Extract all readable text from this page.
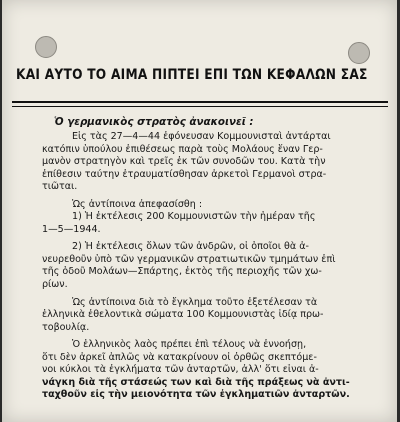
ΚΑΙ ΑΥΤΟ ΤΟ ΑΙΜΑ ΠΙΠΤΕΙ ΕΠΙ ΤΩΝ ΚΕΦΑΛΩΝ ΣΑΣ
Ὁ γερμανικὸς στρατὸς ἀνακοινεῖ :
Εἰς τὰς 27—4—44 ἐφόνευσαν Κομμουνισταὶ ἀντάρται
κατόπιν ὑπούλου ἐπιθέσεως παρὰ τοὺς Μολάους ἕναν Γερ-
μανὸν στρατηγὸν καὶ τρεῖς ἐκ τῶν συνοδῶν του. Κατὰ τὴν
ἐπίθεσιν ταύτην ἐτραυματίσθησαν ἀρκετοὶ Γερμανοὶ στρα-
τιῶται.
Ὡς ἀντίποινα ἀπεφασίσθη :
1) Ἡ ἐκτέλεσις 200 Κομμουνιστῶν τὴν ἡμέραν τῆς
1—5—1944.
2) Ἡ ἐκτέλεσις ὅλων τῶν ἀνδρῶν, οἱ ὁποῖοι θὰ ἀ-
νευρεθοῦν ὑπὸ τῶν γερμανικῶν στρατιωτικῶν τμημάτων ἐπὶ
τῆς ὁδοῦ Μολάων—Σπάρτης, ἐκτὸς τῆς περιοχῆς τῶν χω-
ρίων.
Ὡς ἀντίποινα διὰ τὸ ἔγκλημα τοῦτο ἐξετέλεσαν τὰ
ἑλληνικὰ ἐθελοντικὰ σώματα 100 Κομμουνιστὰς ἰδίᾳ πρω-
τοβουλίᾳ.
Ὁ ἑλληνικὸς λαὸς πρέπει ἐπὶ τέλους νὰ ἐννοήσῃ,
ὅτι δὲν ἀρκεῖ ἁπλῶς νὰ κατακρίνουν οἱ ὀρθῶς σκεπτόμε-
νοι κύκλοι τὰ ἐγκλήματα τῶν ἀνταρτῶν, ἀλλ' ὅτι εἶναι ἀ-
νάγκη διὰ τῆς στάσεώς των καὶ διὰ τῆς πράξεως νὰ ἀντι-
ταχθοῦν εἰς τὴν μειονότητα τῶν ἐγκληματιῶν ἀνταρτῶν.
